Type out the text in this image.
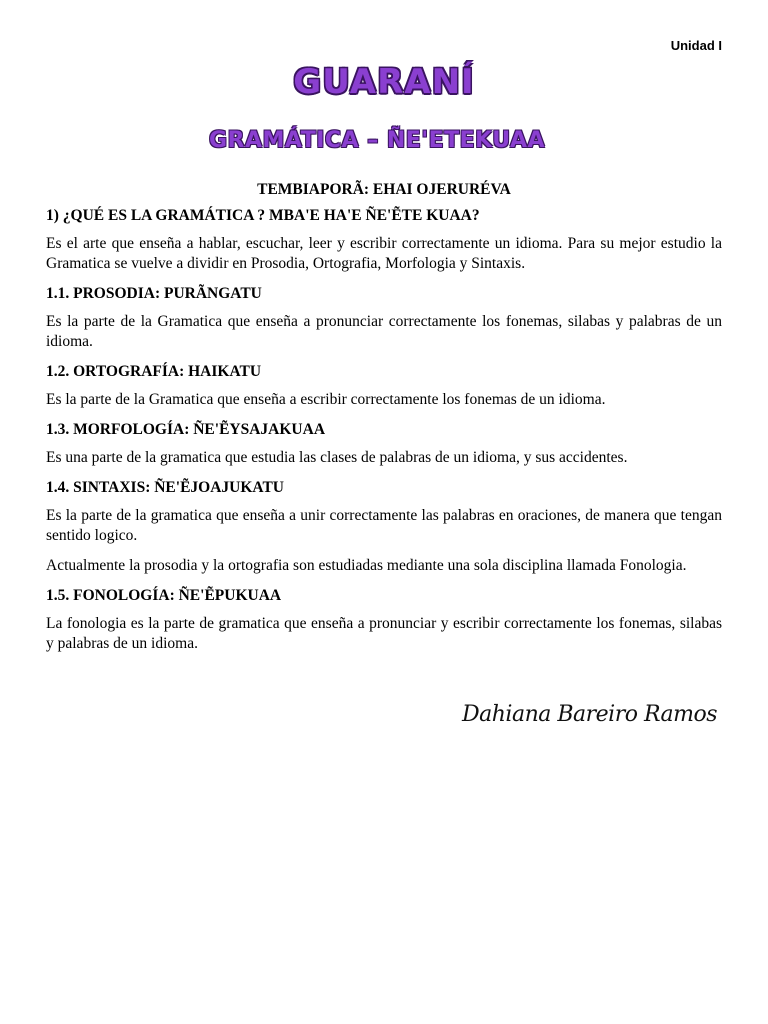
Unidad I
GUARANÍ
GRAMÁTICA – ÑE'ETEKUAA
TEMBIAPORÃ: EHAI OJERURÉVA
1) ¿QUÉ ES LA GRAMÁTICA ? MBA'E HA'E ÑE'ẼTE KUAA?
Es el arte que enseña a hablar, escuchar, leer y escribir correctamente un idioma. Para su mejor estudio la Gramatica se vuelve a dividir en Prosodia, Ortografia, Morfologia y Sintaxis.
1.1. PROSODIA: PURÃNGATU
Es la parte de la Gramatica que enseña a pronunciar correctamente los fonemas, silabas y palabras de un idioma.
1.2. ORTOGRAFÍA: HAIKATU
Es la parte de la Gramatica que enseña a escribir correctamente los fonemas de un idioma.
1.3. MORFOLOGÍA: ÑE'ẼYSAJAKUAA
Es una parte de la gramatica que estudia las clases de palabras de un idioma, y sus accidentes.
1.4. SINTAXIS: ÑE'ẼJOAJUKATU
Es la parte de la gramatica que enseña a unir correctamente las palabras en oraciones, de manera que tengan sentido logico.
Actualmente la prosodia y la ortografia son estudiadas mediante una sola disciplina llamada Fonologia.
1.5. FONOLOGÍA: ÑE'ẼPUKUAA
La fonologia es la parte de gramatica que enseña a pronunciar y escribir correctamente los fonemas, silabas y palabras de un idioma.
Dahiana Bareiro Ramos
